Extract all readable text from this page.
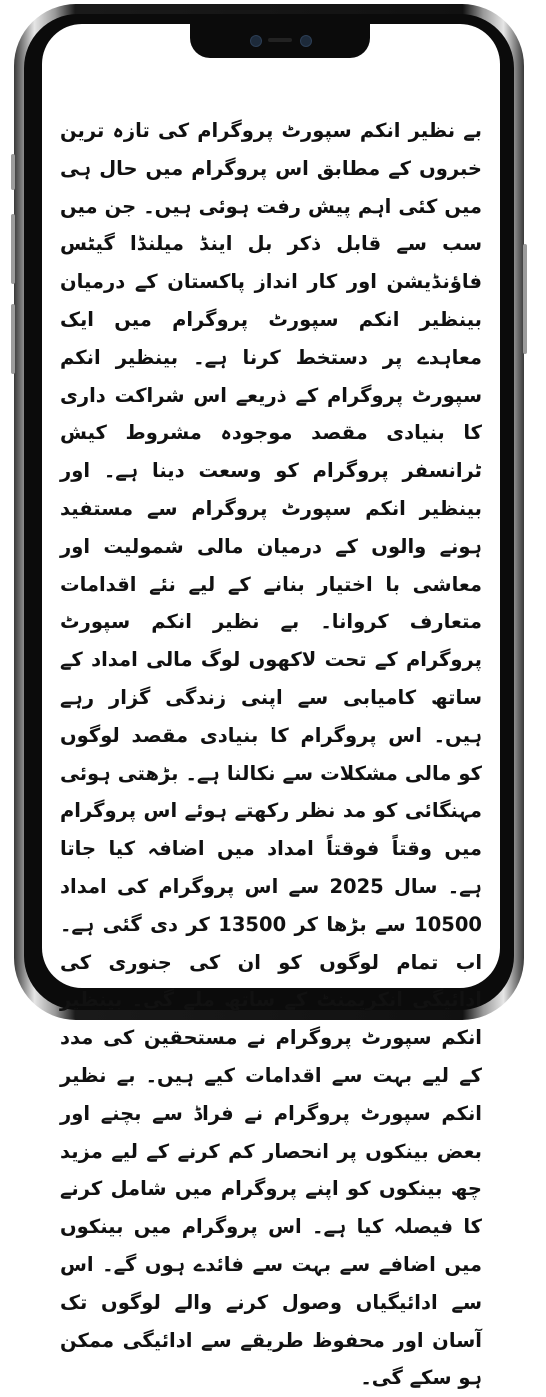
بے نظیر انکم سپورٹ پروگرام کی تازہ ترین خبروں کے مطابق اس پروگرام میں حال ہی میں کئی اہم پیش رفت ہوئی ہیں۔ جن میں سب سے قابل ذکر بل اینڈ میلنڈا گیٹس فاؤنڈیشن اور کار انداز پاکستان کے درمیان بینظیر انکم سپورٹ پروگرام میں ایک معاہدے پر دستخط کرنا ہے۔ بینظیر انکم سپورٹ پروگرام کے ذریعے اس شراکت داری کا بنیادی مقصد موجودہ مشروط کیش ٹرانسفر پروگرام کو وسعت دینا ہے۔ اور بینظیر انکم سپورٹ پروگرام سے مستفید ہونے والوں کے درمیان مالی شمولیت اور معاشی با اختیار بنانے کے لیے نئے اقدامات متعارف کروانا۔ بے نظیر انکم سپورٹ پروگرام کے تحت لاکھوں لوگ مالی امداد کے ساتھ کامیابی سے اپنی زندگی گزار رہے ہیں۔ اس پروگرام کا بنیادی مقصد لوگوں کو مالی مشکلات سے نکالنا ہے۔ بڑھتی ہوئی مہنگائی کو مد نظر رکھتے ہوئے اس پروگرام میں وقتاً فوقتاً امداد میں اضافہ کیا جاتا ہے۔ سال 2025 سے اس پروگرام کی امداد 10500 سے بڑھا کر 13500 کر دی گئی ہے۔ اب تمام لوگوں کو ان کی جنوری کی ادائیگی انکریمنٹ کے ساتھ ملے گی۔ بینظیر انکم سپورٹ پروگرام نے مستحقین کی مدد کے لیے بہت سے اقدامات کیے ہیں۔ بے نظیر انکم سپورٹ پروگرام نے فراڈ سے بچنے اور بعض بینکوں پر انحصار کم کرنے کے لیے مزید چھ بینکوں کو اپنے پروگرام میں شامل کرنے کا فیصلہ کیا ہے۔ اس پروگرام میں بینکوں میں اضافے سے بہت سے فائدے ہوں گے۔ اس سے ادائیگیاں وصول کرنے والے لوگوں تک آسان اور محفوظ طریقے سے ادائیگی ممکن ہو سکے گی۔
